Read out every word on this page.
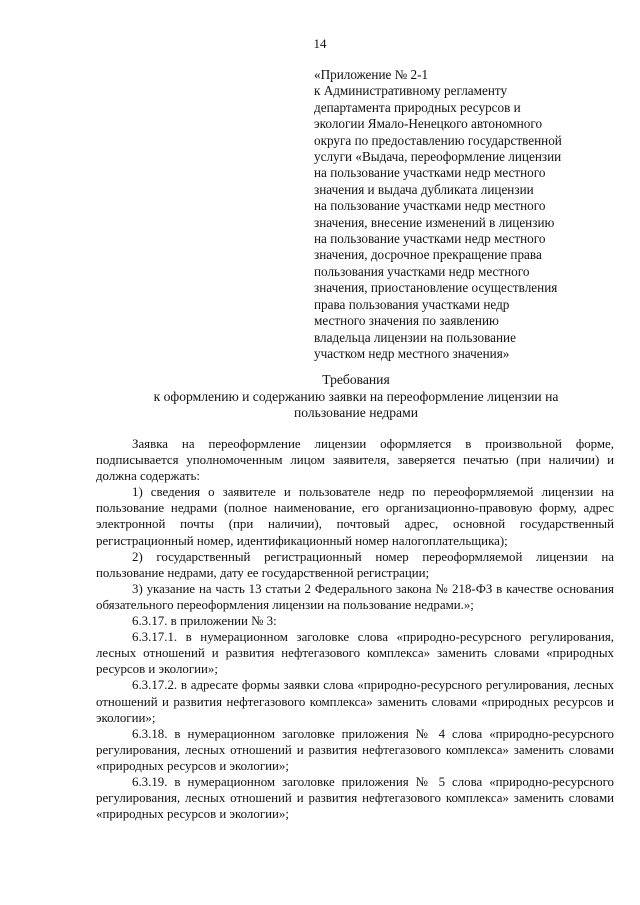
14
«Приложение № 2-1
к Административному регламенту
департамента природных ресурсов и
экологии Ямало-Ненецкого автономного
округа по предоставлению государственной
услуги «Выдача, переоформление лицензии
на пользование участками недр местного
значения и выдача дубликата лицензии
на пользование участками недр местного
значения, внесение изменений в лицензию
на пользование участками недр местного
значения, досрочное прекращение права
пользования участками недр местного
значения, приостановление осуществления
права пользования участками недр
местного значения по заявлению
владельца лицензии на пользование
участком недр местного значения»
Требования
к оформлению и содержанию заявки на переоформление лицензии на
пользование недрами

Заявка на переоформление лицензии оформляется в произвольной форме, подписывается уполномоченным лицом заявителя, заверяется печатью (при наличии) и должна содержать:

1) сведения о заявителе и пользователе недр по переоформляемой лицензии на пользование недрами (полное наименование, его организационно-правовую форму, адрес электронной почты (при наличии), почтовый адрес, основной государственный регистрационный номер, идентификационный номер налогоплательщика);

2) государственный регистрационный номер переоформляемой лицензии на пользование недрами, дату ее государственной регистрации;

3) указание на часть 13 статьи 2 Федерального закона № 218-ФЗ в качестве основания обязательного переоформления лицензии на пользование недрами.»;

6.3.17. в приложении № 3:

6.3.17.1. в нумерационном заголовке слова «природно-ресурсного регулирования, лесных отношений и развития нефтегазового комплекса» заменить словами «природных ресурсов и экологии»;

6.3.17.2. в адресате формы заявки слова «природно-ресурсного регулирования, лесных отношений и развития нефтегазового комплекса» заменить словами «природных ресурсов и экологии»;

6.3.18. в нумерационном заголовке приложения № 4 слова «природно-ресурсного регулирования, лесных отношений и развития нефтегазового комплекса» заменить словами «природных ресурсов и экологии»;

6.3.19. в нумерационном заголовке приложения № 5 слова «природно-ресурсного регулирования, лесных отношений и развития нефтегазового комплекса» заменить словами «природных ресурсов и экологии»;
